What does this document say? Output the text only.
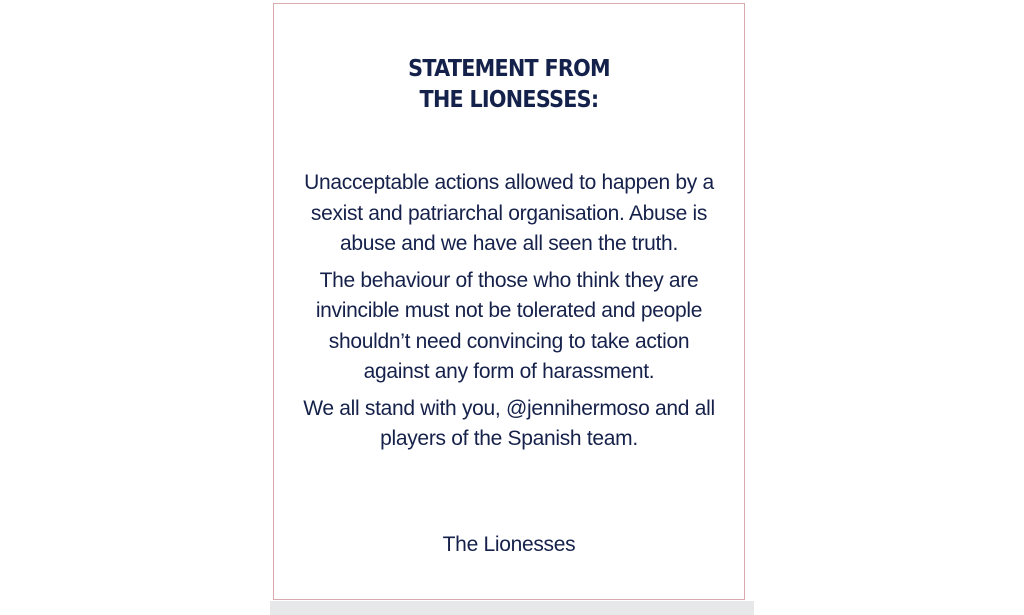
STATEMENT FROM
THE LIONESSES:

Unacceptable actions allowed to happen by a
sexist and patriarchal organisation. Abuse is
abuse and we have all seen the truth.

The behaviour of those who think they are
invincible must not be tolerated and people
shouldn’t need convincing to take action
against any form of harassment.

We all stand with you, @jennihermoso and all
players of the Spanish team.

The Lionesses
